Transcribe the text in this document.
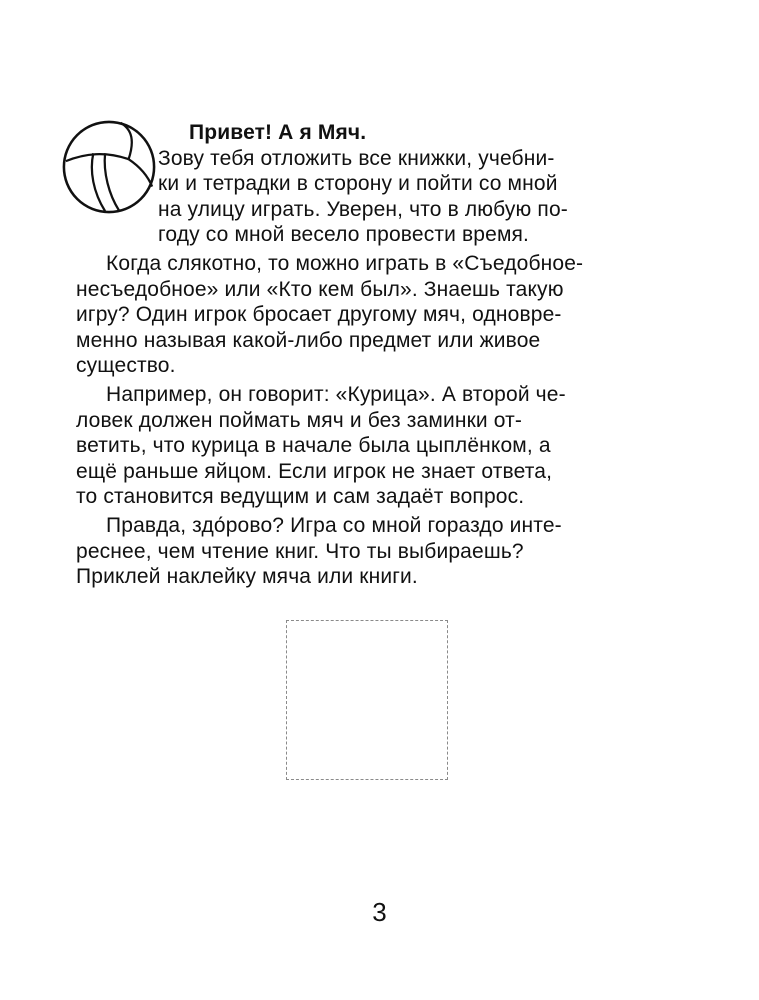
Привет! А я Мяч.

Зову тебя отложить все книжки, учебни-

ки и тетрадки в сторону и пойти со мной

на улицу играть. Уверен, что в любую по-

году со мной весело провести время.

Когда слякотно, то можно играть в «Съедобное-

несъедобное» или «Кто кем был». Знаешь такую

игру? Один игрок бросает другому мяч, одновре-

менно называя какой-либо предмет или живое

существо.

Например, он говорит: «Курица». А второй че-

ловек должен поймать мяч и без заминки от-

ветить, что курица в начале была цыплёнком, а

ещё раньше яйцом. Если игрок не знает ответа,

то становится ведущим и сам задаёт вопрос.

Правда, здо́рово? Игра со мной гораздо инте-

реснее, чем чтение книг. Что ты выбираешь?

Приклей наклейку мяча или книги.

3
